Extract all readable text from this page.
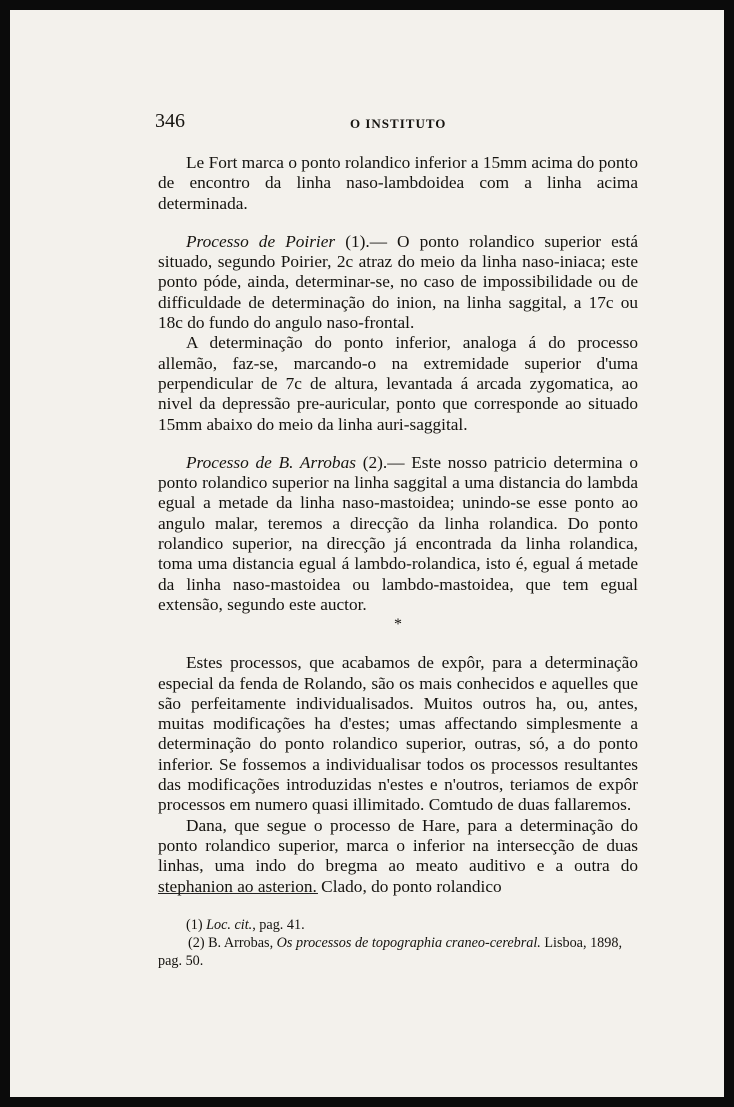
346	O INSTITUTO

Le Fort marca o ponto rolandico inferior a 15mm acima do ponto de encontro da linha naso-lambdoidea com a linha acima determinada.

Processo de Poirier (1).— O ponto rolandico superior está situado, segundo Poirier, 2c atraz do meio da linha naso-iniaca; este ponto póde, ainda, determinar-se, no caso de impossibilidade ou de difficuldade de determinação do inion, na linha saggital, a 17c ou 18c do fundo do angulo naso-frontal.

A determinação do ponto inferior, analoga á do processo allemão, faz-se, marcando-o na extremidade superior d'uma perpendicular de 7c de altura, levantada á arcada zygomatica, ao nivel da depressão pre-auricular, ponto que corresponde ao situado 15mm abaixo do meio da linha auri-saggital.

Processo de B. Arrobas (2).— Este nosso patricio determina o ponto rolandico superior na linha saggital a uma distancia do lambda egual a metade da linha naso-mastoidea; unindo-se esse ponto ao angulo malar, teremos a direcção da linha rolandica. Do ponto rolandico superior, na direcção já encontrada da linha rolandica, toma uma distancia egual á lambdo-rolandica, isto é, egual á metade da linha naso-mastoidea ou lambdo-mastoidea, que tem egual extensão, segundo este auctor.

*

Estes processos, que acabamos de expôr, para a determinação especial da fenda de Rolando, são os mais conhecidos e aquelles que são perfeitamente individualisados. Muitos outros ha, ou, antes, muitas modificações ha d'estes; umas affectando simplesmente a determinação do ponto rolandico superior, outras, só, a do ponto inferior. Se fossemos a individualisar todos os processos resultantes das modificações introduzidas n'estes e n'outros, teriamos de expôr processos em numero quasi illimitado. Comtudo de duas fallaremos.

Dana, que segue o processo de Hare, para a determinação do ponto rolandico superior, marca o inferior na intersecção de duas linhas, uma indo do bregma ao meato auditivo e a outra do stephanion ao asterion. Clado, do ponto rolandico

(1) Loc. cit., pag. 41.

(2) B. Arrobas, Os processos de topographia craneo-cerebral. Lisboa, 1898, pag. 50.
